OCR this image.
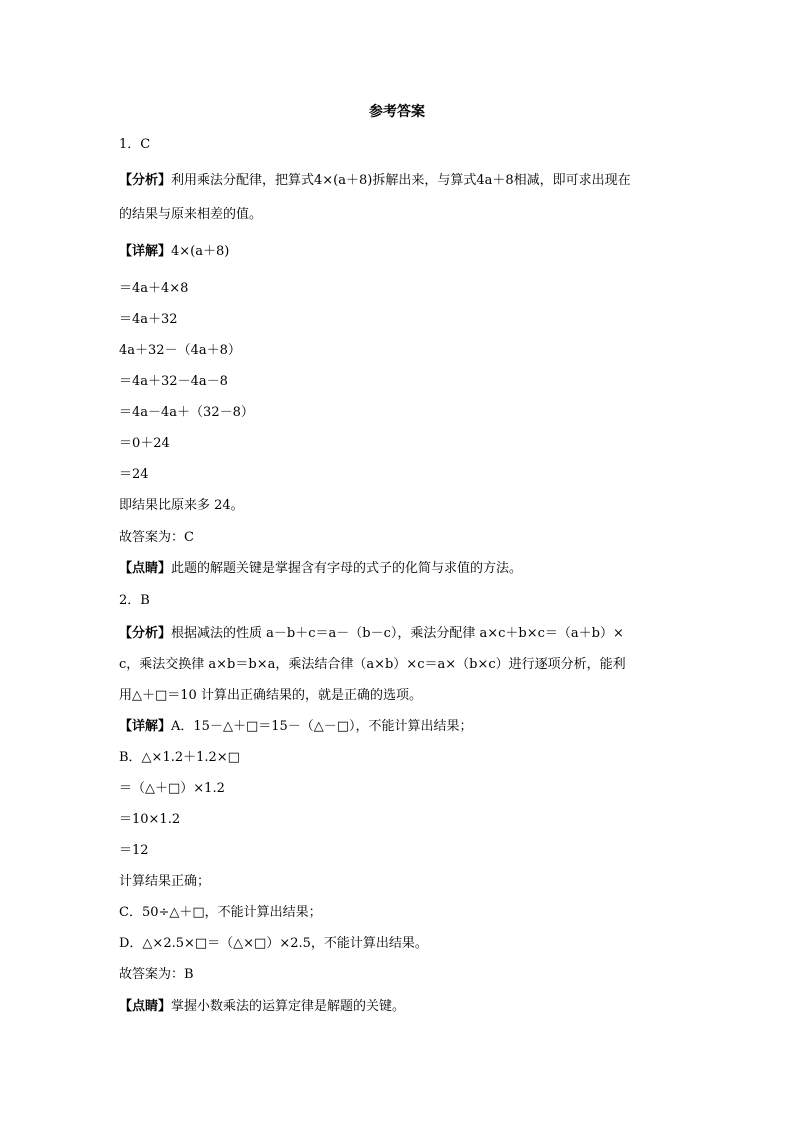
参考答案
1．C
【分析】利用乘法分配律，把算式4×(a＋8)拆解出来，与算式4a＋8相减，即可求出现在
的结果与原来相差的值。
【详解】4×(a＋8)
＝4a＋4×8
＝4a＋32
4a＋32－（4a＋8）
＝4a＋32－4a－8
＝4a－4a＋（32－8）
＝0＋24
＝24
即结果比原来多 24。
故答案为：C
【点睛】此题的解题关键是掌握含有字母的式子的化简与求值的方法。
2．B
【分析】根据减法的性质 a－b＋c＝a－（b－c），乘法分配律 a×c＋b×c＝（a＋b）×
c，乘法交换律 a×b＝b×a，乘法结合律（a×b）×c＝a×（b×c）进行逐项分析，能利
用△＋□＝10 计算出正确结果的，就是正确的选项。
【详解】A．15－△＋□＝15－（△－□），不能计算出结果；
B．△×1.2＋1.2×□
＝（△＋□）×1.2
＝10×1.2
＝12
计算结果正确；
C．50÷△＋□，不能计算出结果；
D．△×2.5×□＝（△×□）×2.5，不能计算出结果。
故答案为：B
【点睛】掌握小数乘法的运算定律是解题的关键。
